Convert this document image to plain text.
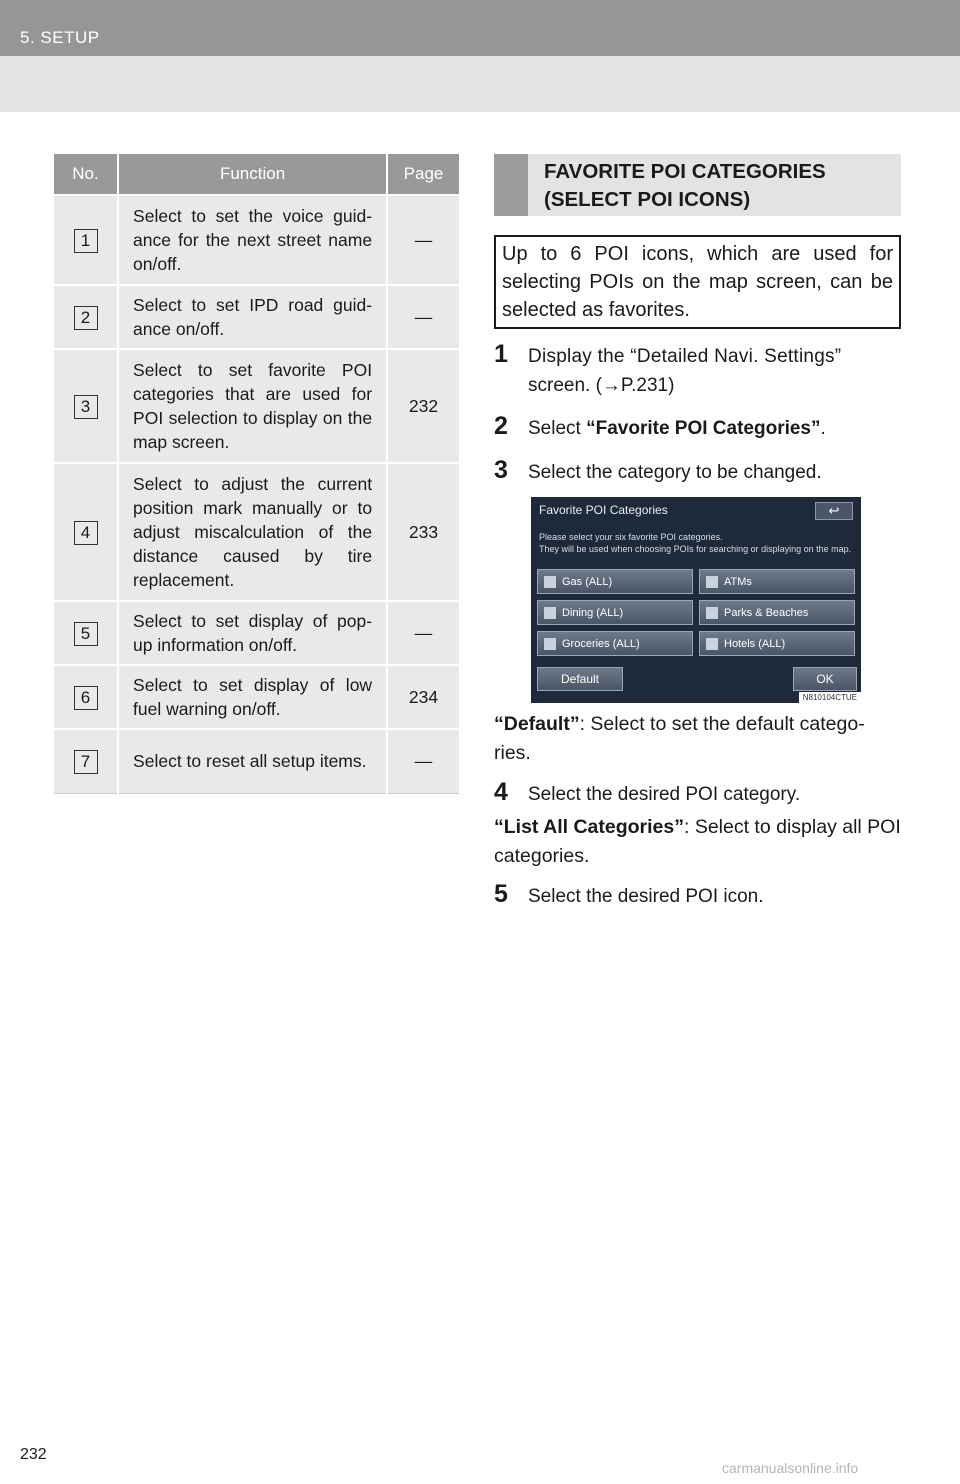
5. SETUP
No.	Function	Page
1	Select to set the voice guid- ance for the next street name on/off.	—
2	Select to set IPD road guid- ance on/off.	—
3	Select to set favorite POI categories that are used for POI selection to display on the map screen.	232
4	Select to adjust the current position mark manually or to adjust miscalculation of the distance caused by tire replacement.	233
5	Select to set display of pop- up information on/off.	—
6	Select to set display of low fuel warning on/off.	234
7	Select to reset all setup items.	—
FAVORITE POI CATEGORIES
(SELECT POI ICONS)
Up to 6 POI icons, which are used for selecting POIs on the map screen, can be selected as favorites.
1 Display the “Detailed Navi. Settings”
screen. (→P.231)
2 Select “Favorite POI Categories”.
3 Select the category to be changed.
Favorite POI Categories	↩
Please select your six favorite POI categories.
They will be used when choosing POIs for searching or displaying on the map.
Gas (ALL)	ATMs
Dining (ALL)	Parks & Beaches
Groceries (ALL)	Hotels (ALL)
Default	OK
N810104CTUE
“Default”: Select to set the default catego- ries.
4 Select the desired POI category.
“List All Categories”: Select to display all POI categories.
5 Select the desired POI icon.
232
carmanualsonline.info
